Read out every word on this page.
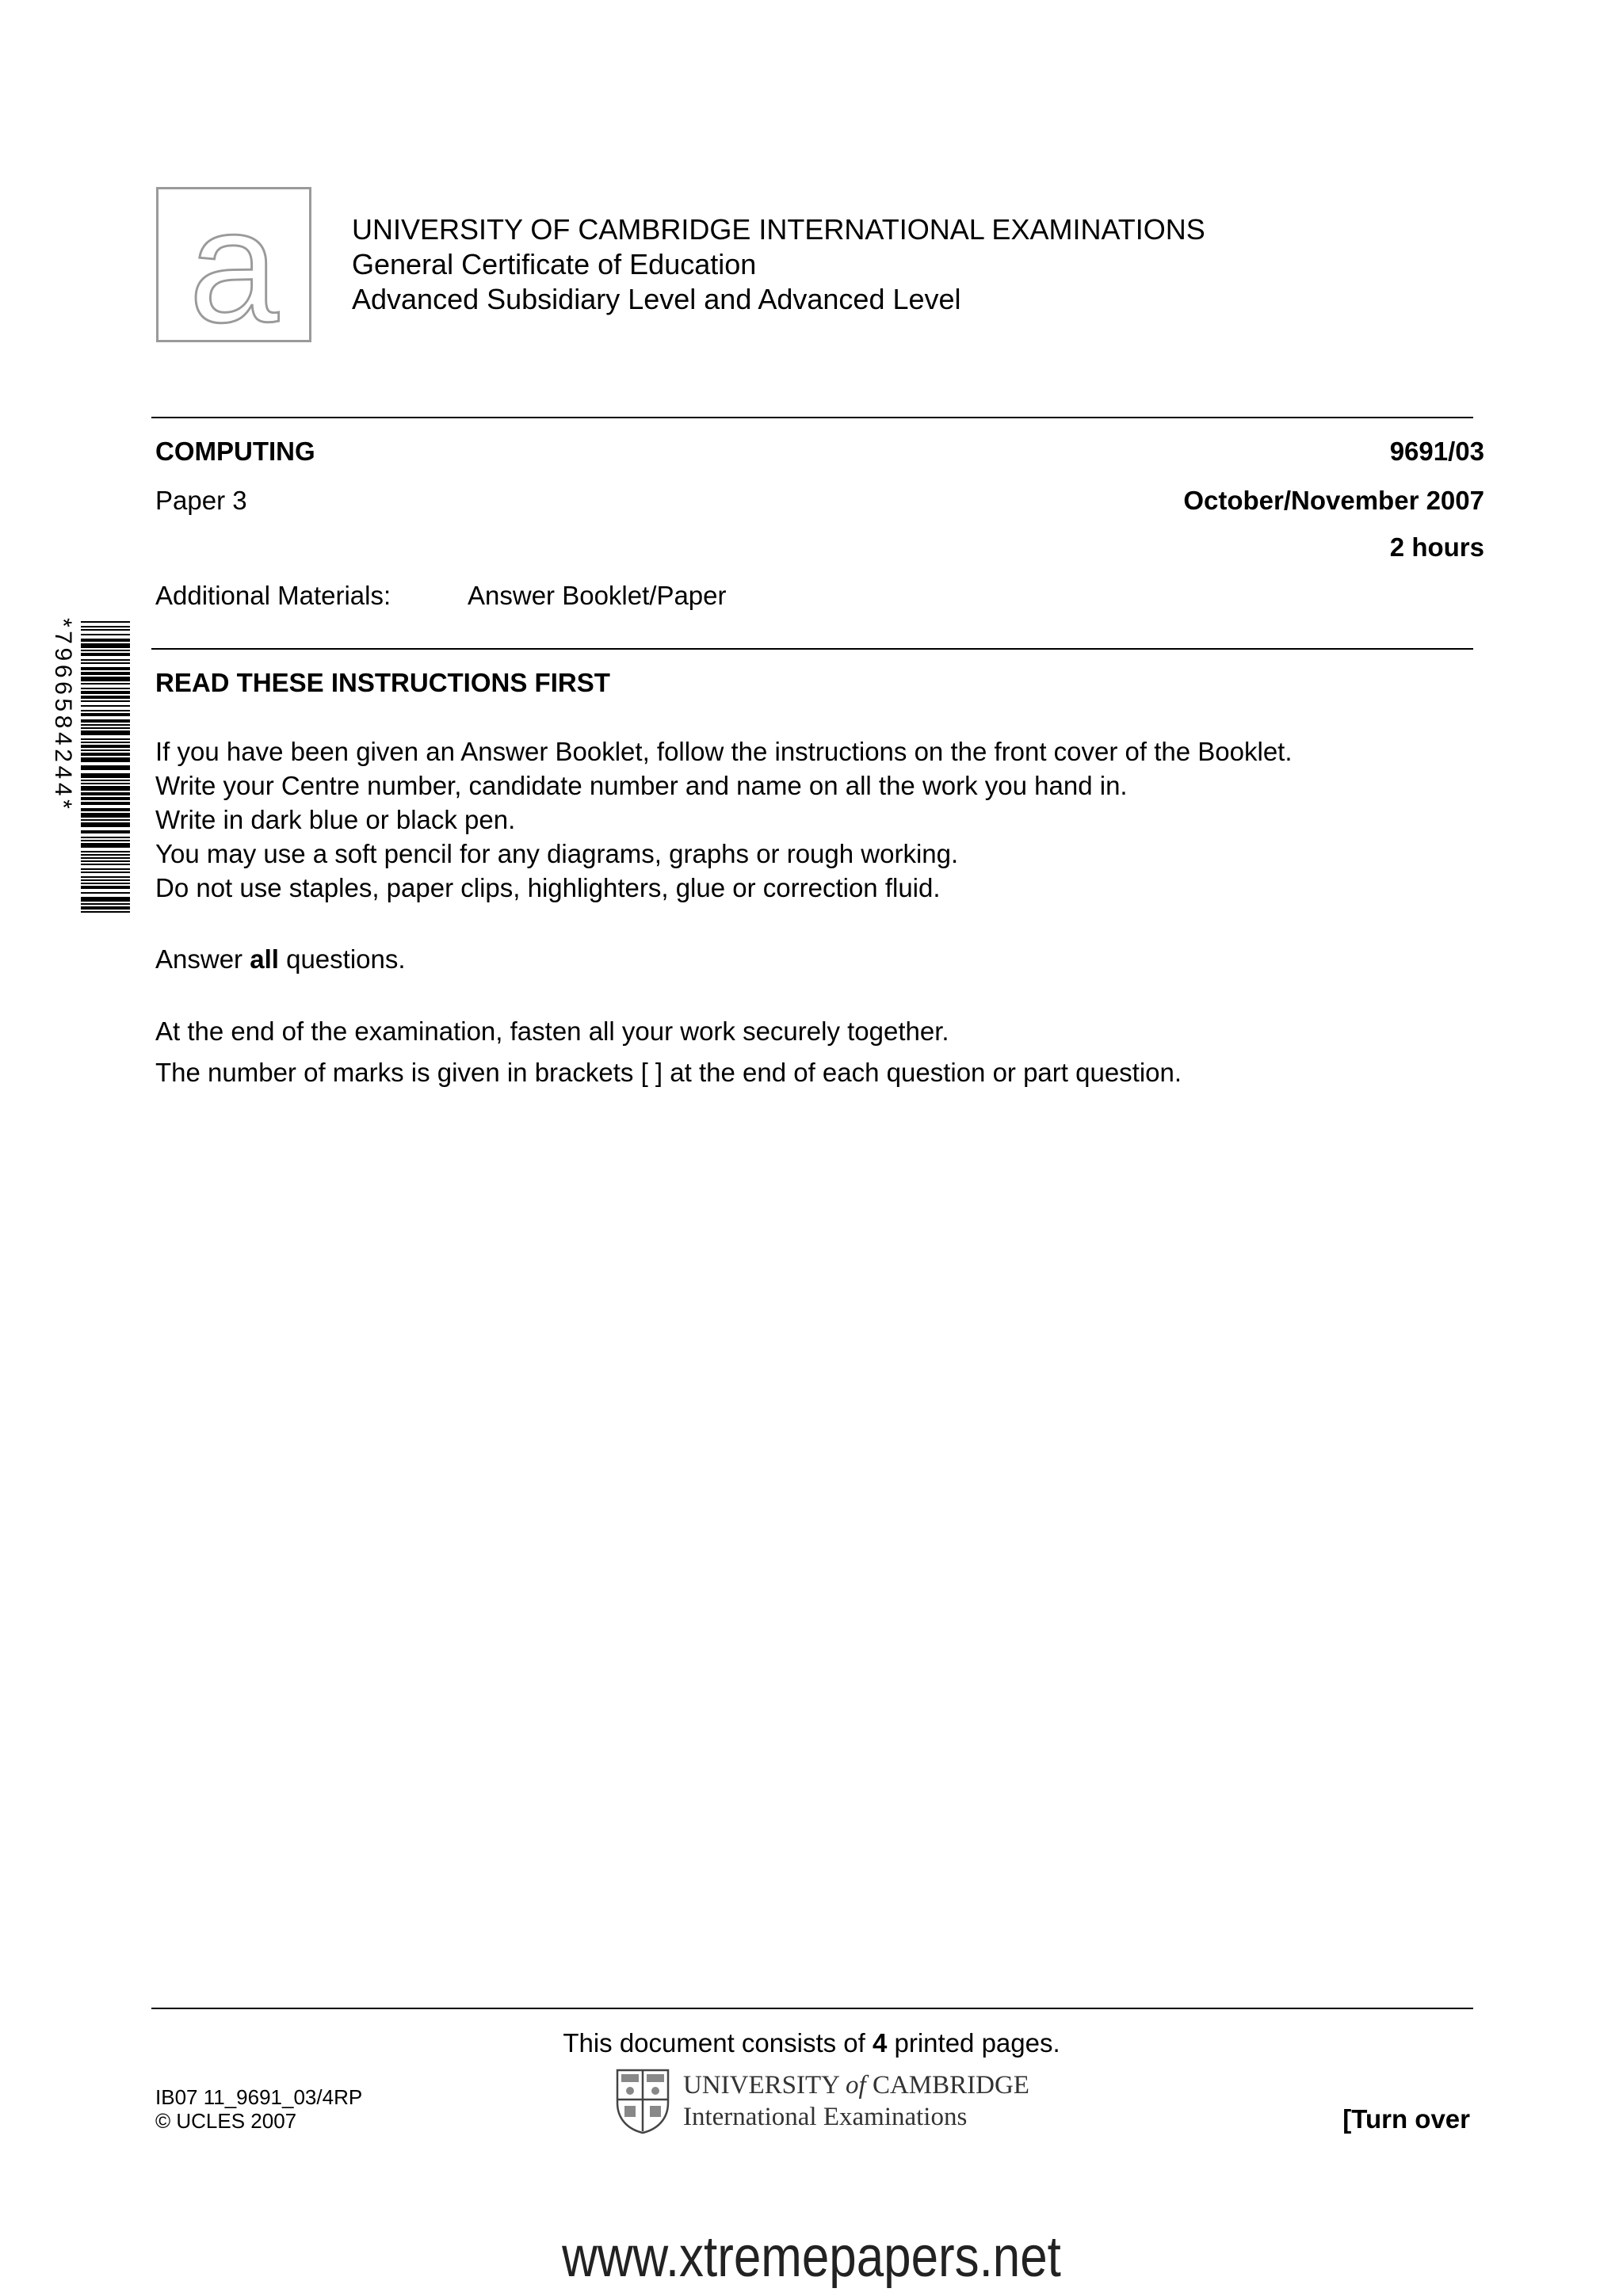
a	UNIVERSITY OF CAMBRIDGE INTERNATIONAL EXAMINATIONS
General Certificate of Education
Advanced Subsidiary Level and Advanced Level
COMPUTING	9691/03
Paper 3	October/November 2007
2 hours
Additional Materials:	Answer Booklet/Paper
*7966584244*	READ THESE INSTRUCTIONS FIRST
If you have been given an Answer Booklet, follow the instructions on the front cover of the Booklet.
Write your Centre number, candidate number and name on all the work you hand in.
Write in dark blue or black pen.
You may use a soft pencil for any diagrams, graphs or rough working.
Do not use staples, paper clips, highlighters, glue or correction fluid.
Answer all questions.
At the end of the examination, fasten all your work securely together.
The number of marks is given in brackets [ ] at the end of each question or part question.
This document consists of 4 printed pages.
IB07 11_9691_03/4RP
© UCLES 2007
UNIVERSITY of CAMBRIDGE
International Examinations	[Turn over
www.xtremepapers.net
